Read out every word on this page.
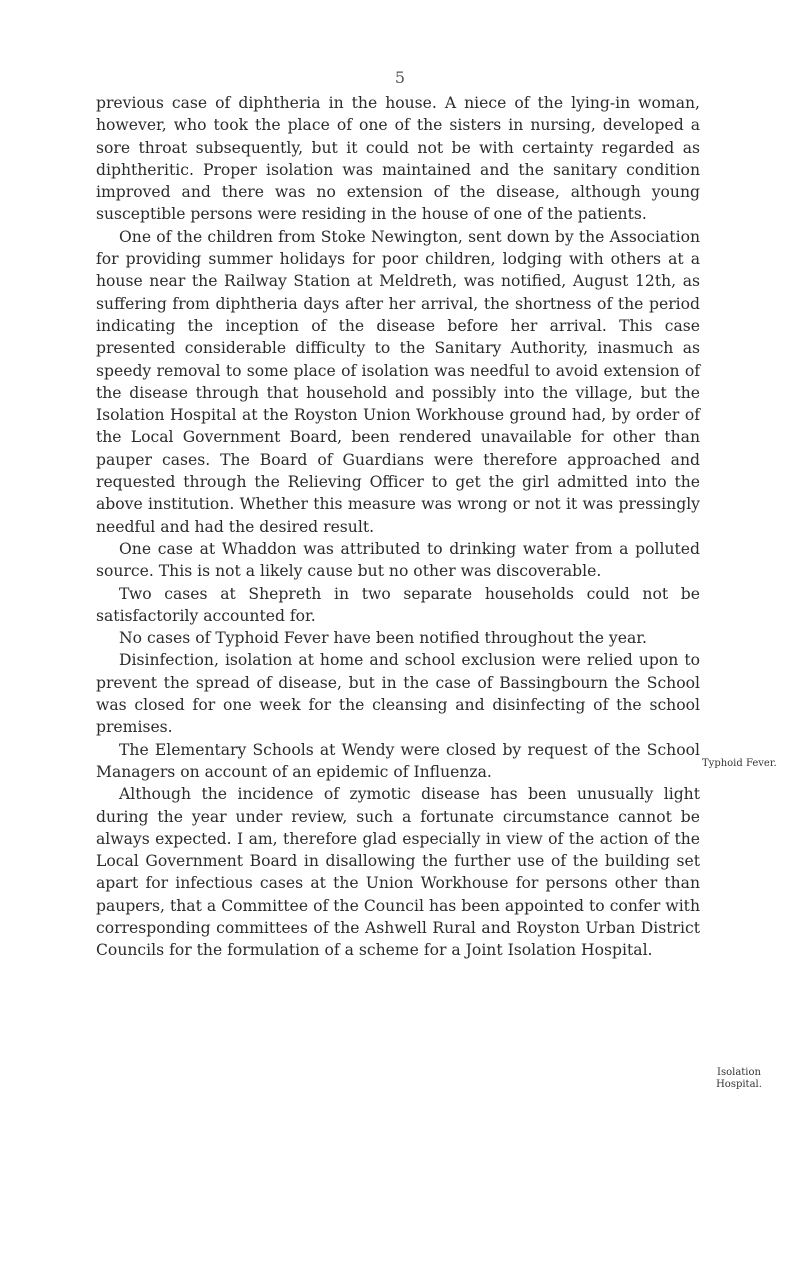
5

previous case of diphtheria in the house. A niece of the lying-in woman, however, who took the place of one of the sisters in nursing, developed a sore throat subsequently, but it could not be with certainty regarded as diphtheritic. Proper isolation was maintained and the sanitary condition improved and there was no extension of the disease, although young susceptible persons were residing in the house of one of the patients.

One of the children from Stoke Newington, sent down by the Association for providing summer holidays for poor children, lodging with others at a house near the Railway Station at Meldreth, was notified, August 12th, as suffering from diphtheria days after her arrival, the shortness of the period indicating the inception of the disease before her arrival. This case presented considerable difficulty to the Sanitary Authority, inasmuch as speedy removal to some place of isolation was needful to avoid extension of the disease through that household and possibly into the village, but the Isolation Hospital at the Royston Union Workhouse ground had, by order of the Local Government Board, been rendered unavailable for other than pauper cases. The Board of Guardians were therefore approached and requested through the Relieving Officer to get the girl admitted into the above institution. Whether this measure was wrong or not it was pressingly needful and had the desired result.

One case at Whaddon was attributed to drinking water from a polluted source. This is not a likely cause but no other was discoverable.

Two cases at Shepreth in two separate households could not be satisfactorily accounted for.

No cases of Typhoid Fever have been notified throughout the year.

Disinfection, isolation at home and school exclusion were relied upon to prevent the spread of disease, but in the case of Bassingbourn the School was closed for one week for the cleansing and disinfecting of the school premises.

The Elementary Schools at Wendy were closed by request of the School Managers on account of an epidemic of Influenza.

Although the incidence of zymotic disease has been unusually light during the year under review, such a fortunate circumstance cannot be always expected. I am, therefore glad especially in view of the action of the Local Government Board in disallowing the further use of the building set apart for infectious cases at the Union Workhouse for persons other than paupers, that a Committee of the Council has been appointed to confer with corresponding committees of the Ashwell Rural and Royston Urban District Councils for the formulation of a scheme for a Joint Isolation Hospital.

Typhoid Fever.
Isolation Hospital.
